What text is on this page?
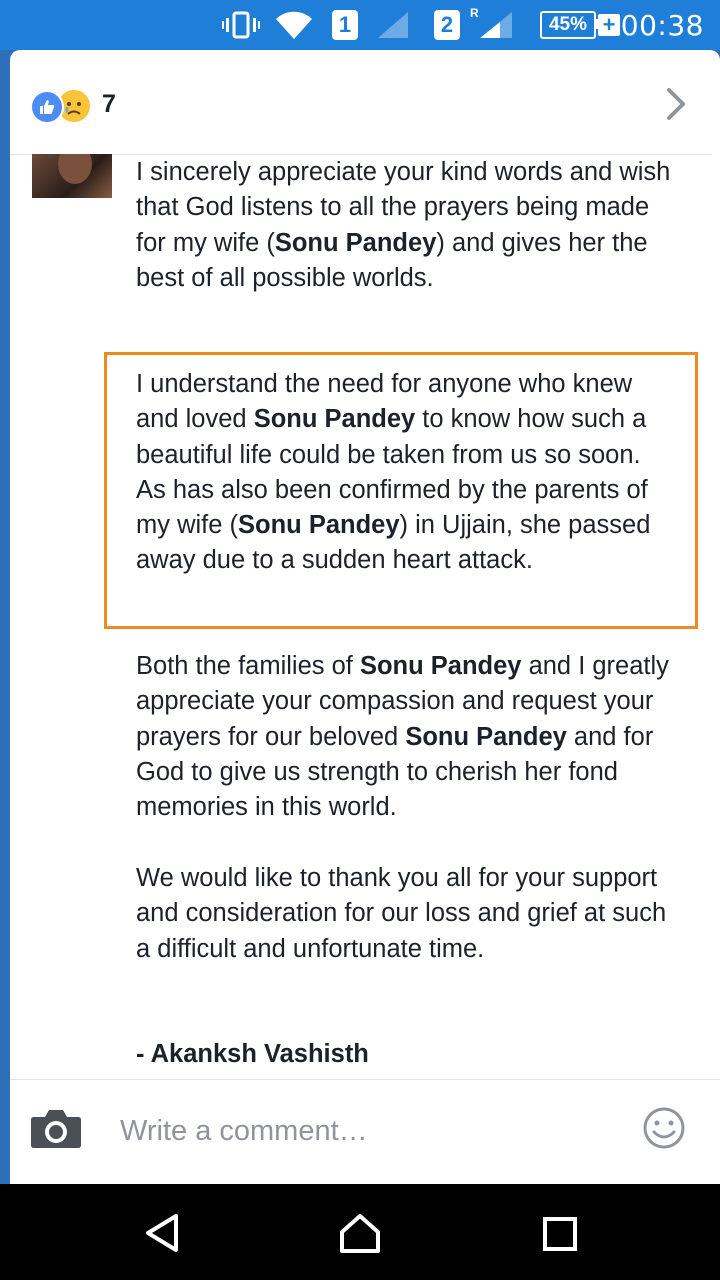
1	2	R
45% + 00:38
7

I sincerely appreciate your kind words and wish that God listens to all the prayers being made for my wife (Sonu Pandey) and gives her the best of all possible worlds.

I understand the need for anyone who knew and loved Sonu Pandey to know how such a beautiful life could be taken from us so soon. As has also been confirmed by the parents of my wife (Sonu Pandey) in Ujjain, she passed away due to a sudden heart attack.

Both the families of Sonu Pandey and I greatly appreciate your compassion and request your prayers for our beloved Sonu Pandey and for God to give us strength to cherish her fond memories in this world.

We would like to thank you all for your support and consideration for our loss and grief at such a difficult and unfortunate time.

- Akanksh Vashisth

Write a comment…
